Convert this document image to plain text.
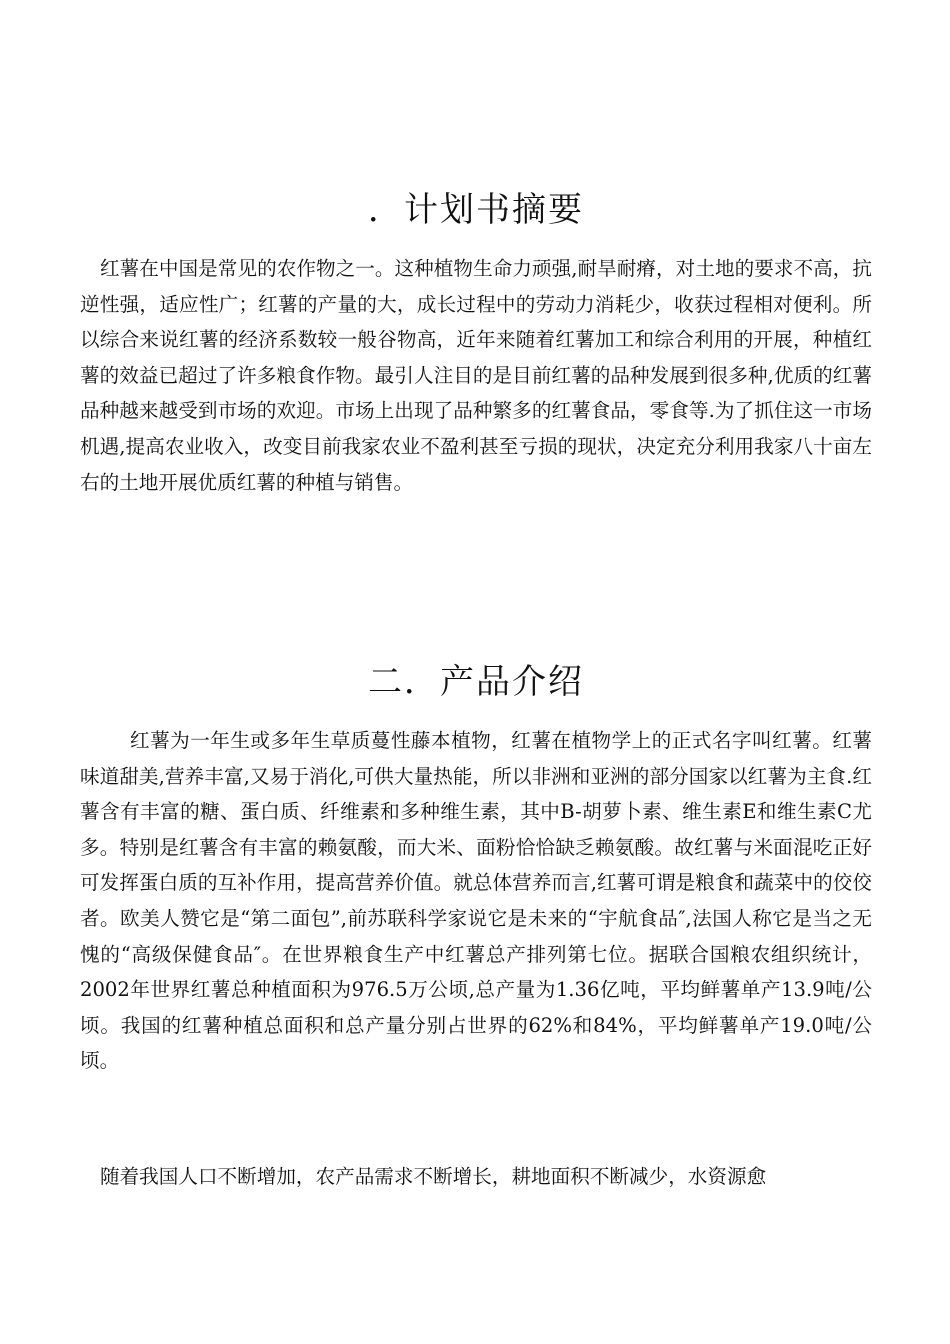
．计划书摘要

红薯在中国是常见的农作物之一。这种植物生命力顽强,耐旱耐瘠，对土地的要求不高，抗逆性强，适应性广；红薯的产量的大，成长过程中的劳动力消耗少，收获过程相对便利。所以综合来说红薯的经济系数较一般谷物高，近年来随着红薯加工和综合利用的开展，种植红薯的效益已超过了许多粮食作物。最引人注目的是目前红薯的品种发展到很多种,优质的红薯品种越来越受到市场的欢迎。市场上出现了品种繁多的红薯食品，零食等.为了抓住这一市场机遇,提高农业收入，改变目前我家农业不盈利甚至亏损的现状，决定充分利用我家八十亩左右的土地开展优质红薯的种植与销售。

二．产品介绍

红薯为一年生或多年生草质蔓性藤本植物，红薯在植物学上的正式名字叫红薯。红薯味道甜美,营养丰富,又易于消化,可供大量热能，所以非洲和亚洲的部分国家以红薯为主食.红薯含有丰富的糖、蛋白质、纤维素和多种维生素，其中B-胡萝卜素、维生素E和维生素C尤多。特别是红薯含有丰富的赖氨酸，而大米、面粉恰恰缺乏赖氨酸。故红薯与米面混吃正好可发挥蛋白质的互补作用，提高营养价值。就总体营养而言,红薯可谓是粮食和蔬菜中的佼佼者。欧美人赞它是“第二面包”,前苏联科学家说它是未来的“宇航食品″,法国人称它是当之无愧的“高级保健食品″。在世界粮食生产中红薯总产排列第七位。据联合国粮农组织统计，2002年世界红薯总种植面积为976.5万公顷,总产量为1.36亿吨，平均鲜薯单产13.9吨/公顷。我国的红薯种植总面积和总产量分别占世界的62%和84%，平均鲜薯单产19.0吨/公顷。

随着我国人口不断增加，农产品需求不断增长，耕地面积不断减少，水资源愈
